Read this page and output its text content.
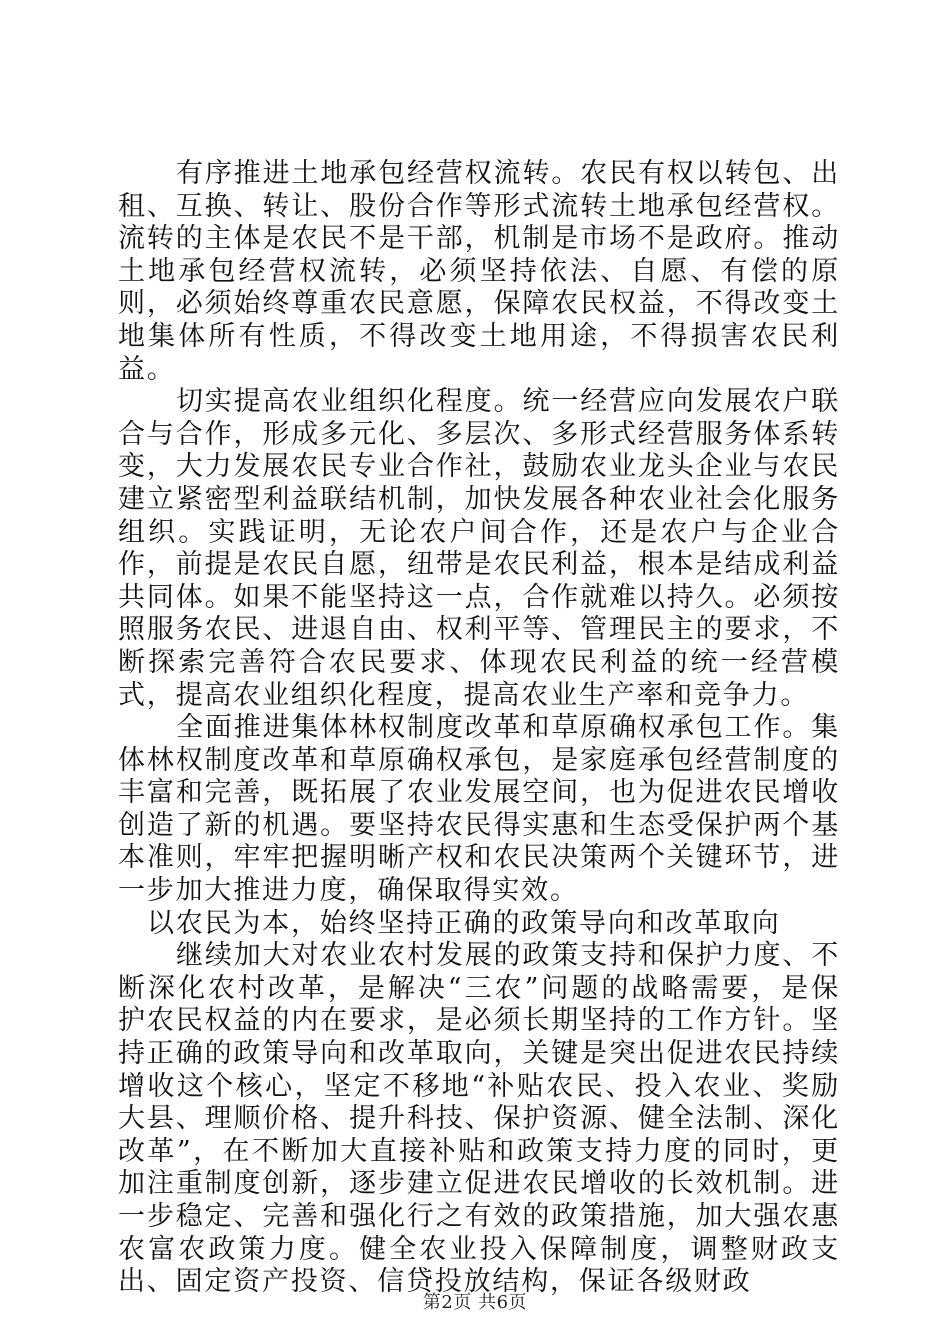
有序推进土地承包经营权流转。农民有权以转包、出租、互换、转让、股份合作等形式流转土地承包经营权。流转的主体是农民不是干部，机制是市场不是政府。推动土地承包经营权流转，必须坚持依法、自愿、有偿的原则，必须始终尊重农民意愿，保障农民权益，不得改变土地集体所有性质，不得改变土地用途，不得损害农民利益。

切实提高农业组织化程度。统一经营应向发展农户联合与合作，形成多元化、多层次、多形式经营服务体系转变，大力发展农民专业合作社，鼓励农业龙头企业与农民建立紧密型利益联结机制，加快发展各种农业社会化服务组织。实践证明，无论农户间合作，还是农户与企业合作，前提是农民自愿，纽带是农民利益，根本是结成利益共同体。如果不能坚持这一点，合作就难以持久。必须按照服务农民、进退自由、权利平等、管理民主的要求，不断探索完善符合农民要求、体现农民利益的统一经营模式，提高农业组织化程度，提高农业生产率和竞争力。

全面推进集体林权制度改革和草原确权承包工作。集体林权制度改革和草原确权承包，是家庭承包经营制度的丰富和完善，既拓展了农业发展空间，也为促进农民增收创造了新的机遇。要坚持农民得实惠和生态受保护两个基本准则，牢牢把握明晰产权和农民决策两个关键环节，进一步加大推进力度，确保取得实效。

以农民为本，始终坚持正确的政策导向和改革取向

继续加大对农业农村发展的政策支持和保护力度、不断深化农村改革，是解决“三农”问题的战略需要，是保护农民权益的内在要求，是必须长期坚持的工作方针。坚持正确的政策导向和改革取向，关键是突出促进农民持续增收这个核心，坚定不移地“补贴农民、投入农业、奖励大县、理顺价格、提升科技、保护资源、健全法制、深化改革”，在不断加大直接补贴和政策支持力度的同时，更加注重制度创新，逐步建立促进农民增收的长效机制。进一步稳定、完善和强化行之有效的政策措施，加大强农惠农富农政策力度。健全农业投入保障制度，调整财政支出、固定资产投资、信贷投放结构，保证各级财政

第2页 共6页
